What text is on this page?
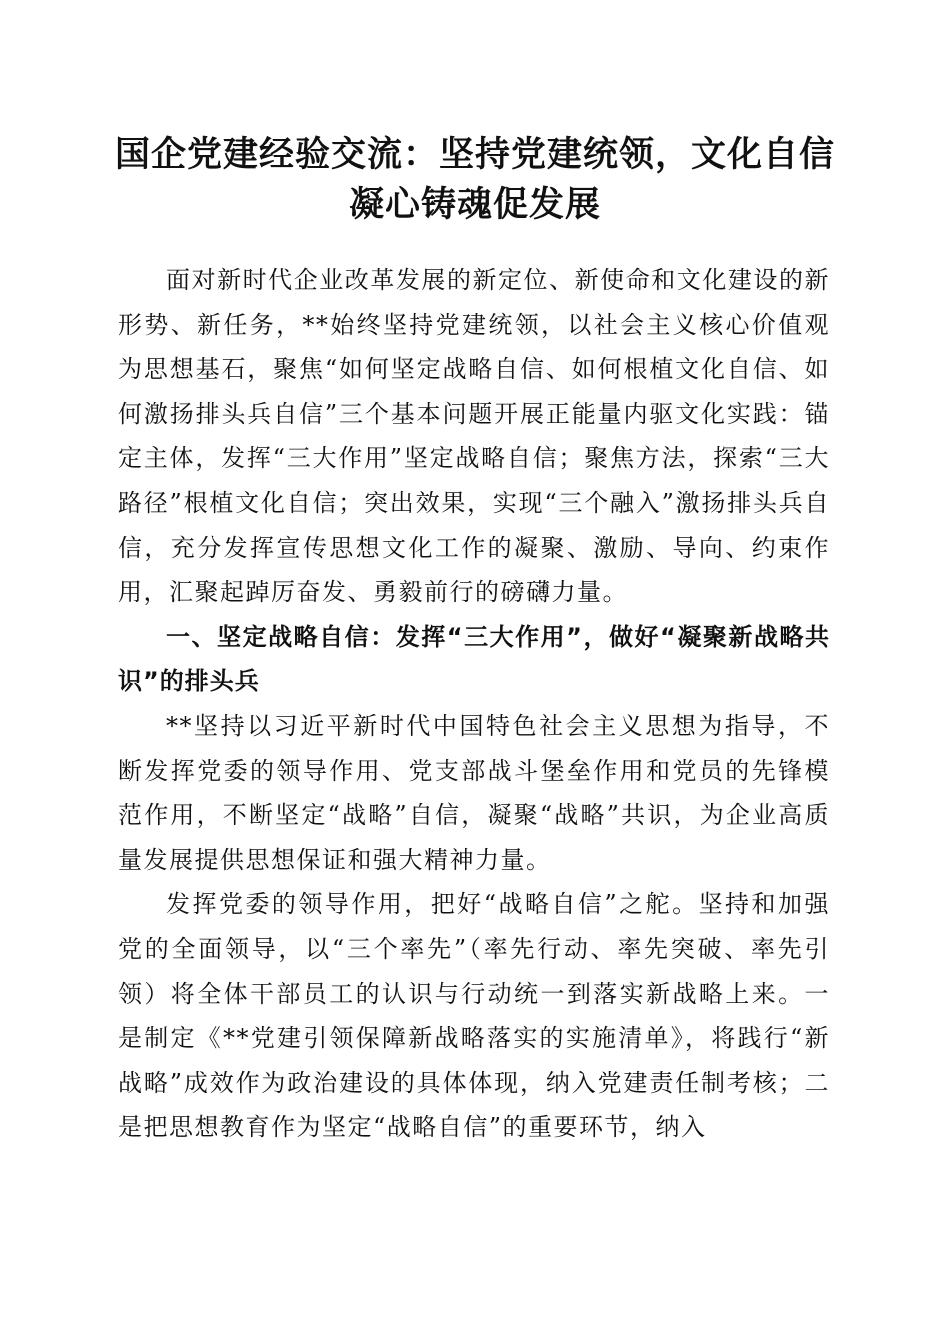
国企党建经验交流：坚持党建统领，文化自信
凝心铸魂促发展

面对新时代企业改革发展的新定位、新使命和文化建设的新形势、新任务，**始终坚持党建统领，以社会主义核心价值观为思想基石，聚焦“如何坚定战略自信、如何根植文化自信、如何激扬排头兵自信”三个基本问题开展正能量内驱文化实践：锚定主体，发挥“三大作用”坚定战略自信；聚焦方法，探索“三大路径”根植文化自信；突出效果，实现“三个融入”激扬排头兵自信，充分发挥宣传思想文化工作的凝聚、激励、导向、约束作用，汇聚起踔厉奋发、勇毅前行的磅礴力量。

一、坚定战略自信：发挥“三大作用”，做好“凝聚新战略共识”的排头兵

**坚持以习近平新时代中国特色社会主义思想为指导，不断发挥党委的领导作用、党支部战斗堡垒作用和党员的先锋模范作用，不断坚定“战略”自信，凝聚“战略”共识，为企业高质量发展提供思想保证和强大精神力量。

发挥党委的领导作用，把好“战略自信”之舵。坚持和加强党的全面领导，以“三个率先”（率先行动、率先突破、率先引领）将全体干部员工的认识与行动统一到落实新战略上来。一是制定《**党建引领保障新战略落实的实施清单》，将践行“新战略”成效作为政治建设的具体体现，纳入党建责任制考核；二是把思想教育作为坚定“战略自信”的重要环节，纳入
